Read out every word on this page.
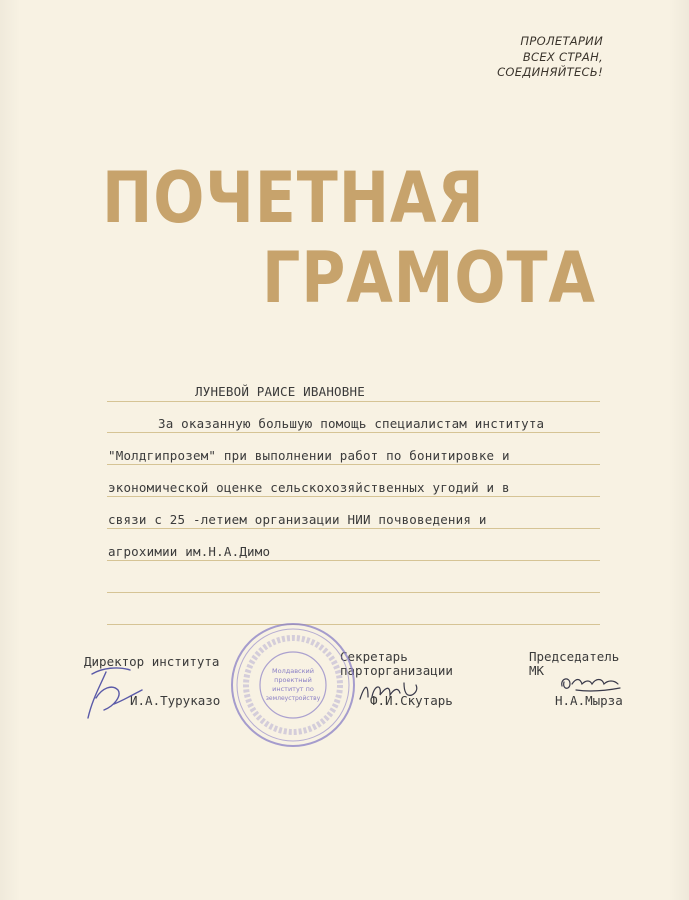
ПРОЛЕТАРИИ
ВСЕХ СТРАН,
СОЕДИНЯЙТЕСЬ!
ПОЧЕТНАЯ
ГРАМОТА
ЛУНЕВОЙ РАИСЕ ИВАНОВНЕ
За оказанную большую помощь специалистам института
"Молдгипрозем" при выполнении работ по бонитировке и
экономической оценке сельскохозяйственных угодий и в
связи с 25 -летием организации НИИ почвоведения и
агрохимии им.Н.А.Димо
Директор института
И.А.Туруказо
Секретарь
парторганизации
Ф.И.Скутарь
Председатель
МК
Н.А.Мырза
Молдавский
проектный
институт по
землеустройству
